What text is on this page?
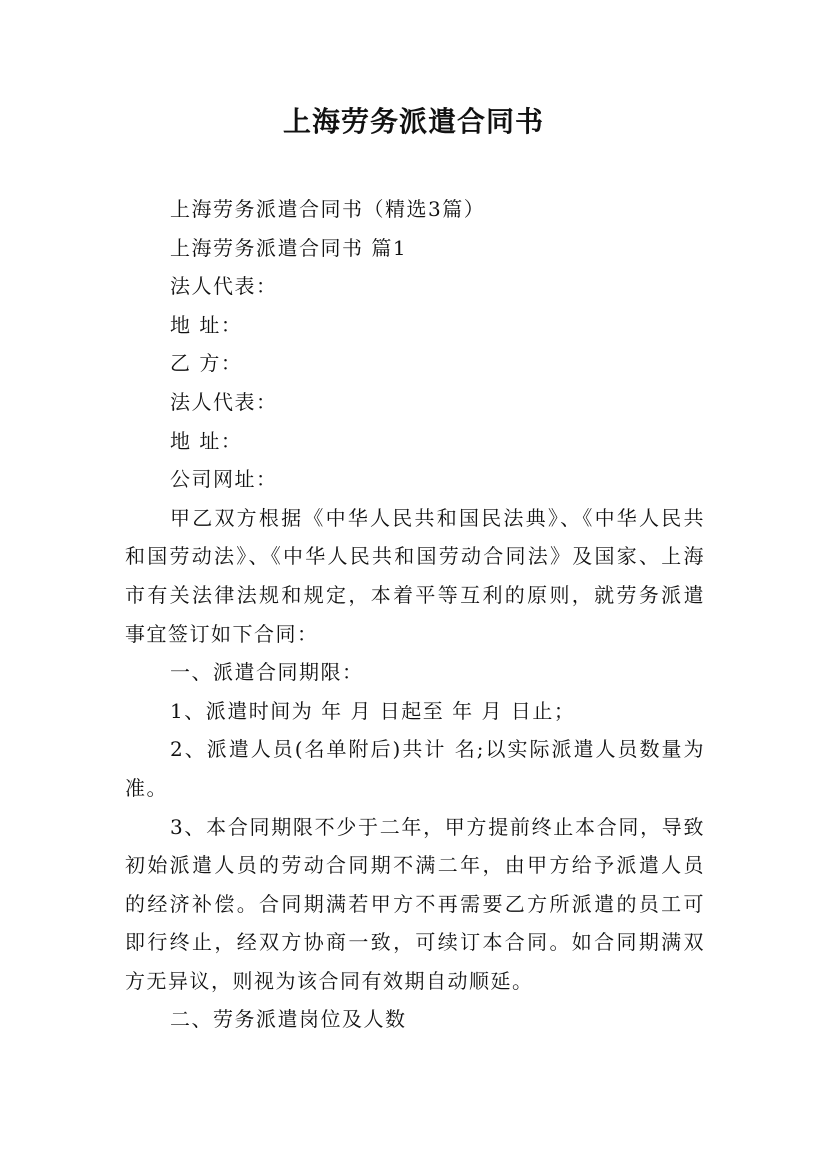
上海劳务派遣合同书
上海劳务派遣合同书（精选3篇）
上海劳务派遣合同书 篇1
法人代表：
地 址：
乙 方：
法人代表：
地 址：
公司网址：
甲乙双方根据《中华人民共和国民法典》、《中华人民共和国劳动法》、《中华人民共和国劳动合同法》及国家、上海市有关法律法规和规定，本着平等互利的原则，就劳务派遣事宜签订如下合同：
一、派遣合同期限：
1、派遣时间为 年 月 日起至 年 月 日止；
2、派遣人员(名单附后)共计 名;以实际派遣人员数量为准。
3、本合同期限不少于二年，甲方提前终止本合同，导致初始派遣人员的劳动合同期不满二年，由甲方给予派遣人员的经济补偿。合同期满若甲方不再需要乙方所派遣的员工可即行终止，经双方协商一致，可续订本合同。如合同期满双方无异议，则视为该合同有效期自动顺延。
二、劳务派遣岗位及人数
